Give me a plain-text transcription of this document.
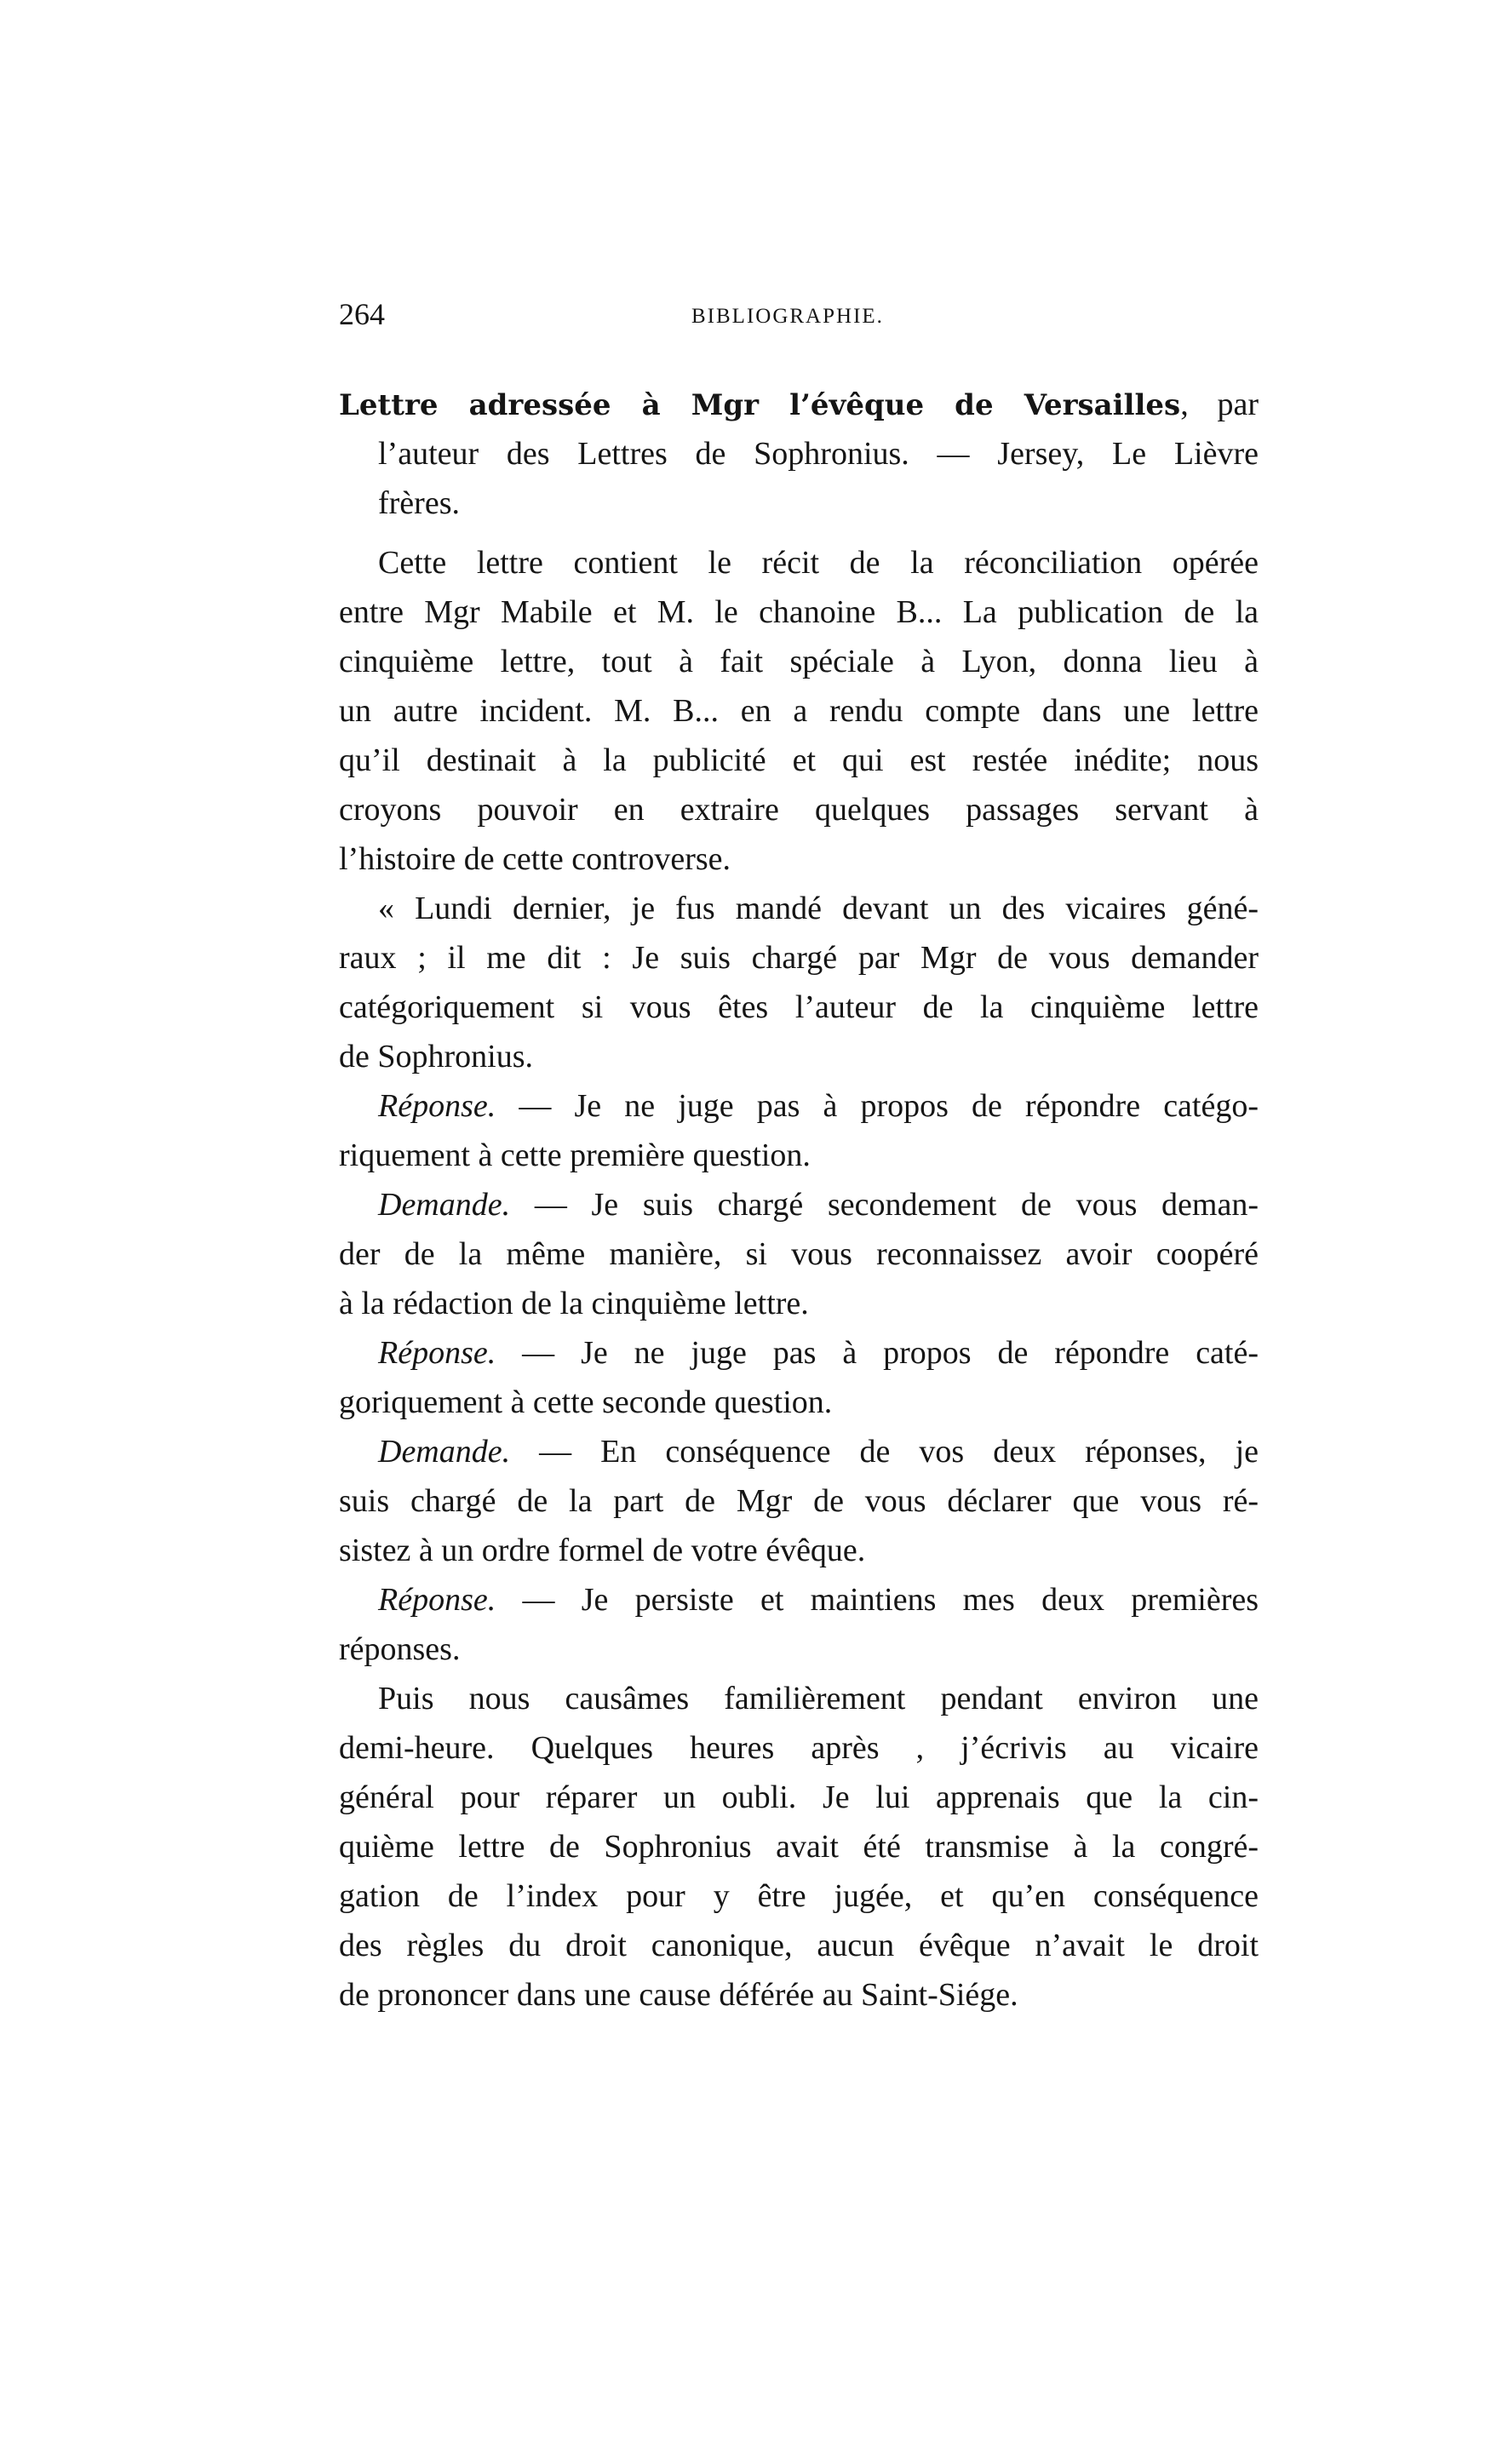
264	BIBLIOGRAPHIE.
Lettre adressée à Mgr l’évêque de Versailles, par
l’auteur des Lettres de Sophronius. — Jersey, Le Lièvre
frères.
Cette lettre contient le récit de la réconciliation opérée
entre Mgr Mabile et M. le chanoine B... La publication de la
cinquième lettre, tout à fait spéciale à Lyon, donna lieu à
un autre incident. M. B... en a rendu compte dans une lettre
qu’il destinait à la publicité et qui est restée inédite; nous
croyons pouvoir en extraire quelques passages servant à
l’histoire de cette controverse.
« Lundi dernier, je fus mandé devant un des vicaires géné-
raux ; il me dit : Je suis chargé par Mgr de vous demander
catégoriquement si vous êtes l’auteur de la cinquième lettre
de Sophronius.
Réponse. — Je ne juge pas à propos de répondre catégo-
riquement à cette première question.
Demande. — Je suis chargé secondement de vous deman-
der de la même manière, si vous reconnaissez avoir coopéré
à la rédaction de la cinquième lettre.
Réponse. — Je ne juge pas à propos de répondre caté-
goriquement à cette seconde question.
Demande. — En conséquence de vos deux réponses, je
suis chargé de la part de Mgr de vous déclarer que vous ré-
sistez à un ordre formel de votre évêque.
Réponse. — Je persiste et maintiens mes deux premières
réponses.
Puis nous causâmes familièrement pendant environ une
demi-heure. Quelques heures après , j’écrivis au vicaire
général pour réparer un oubli. Je lui apprenais que la cin-
quième lettre de Sophronius avait été transmise à la congré-
gation de l’index pour y être jugée, et qu’en conséquence
des règles du droit canonique, aucun évêque n’avait le droit
de prononcer dans une cause déférée au Saint-Siége.
